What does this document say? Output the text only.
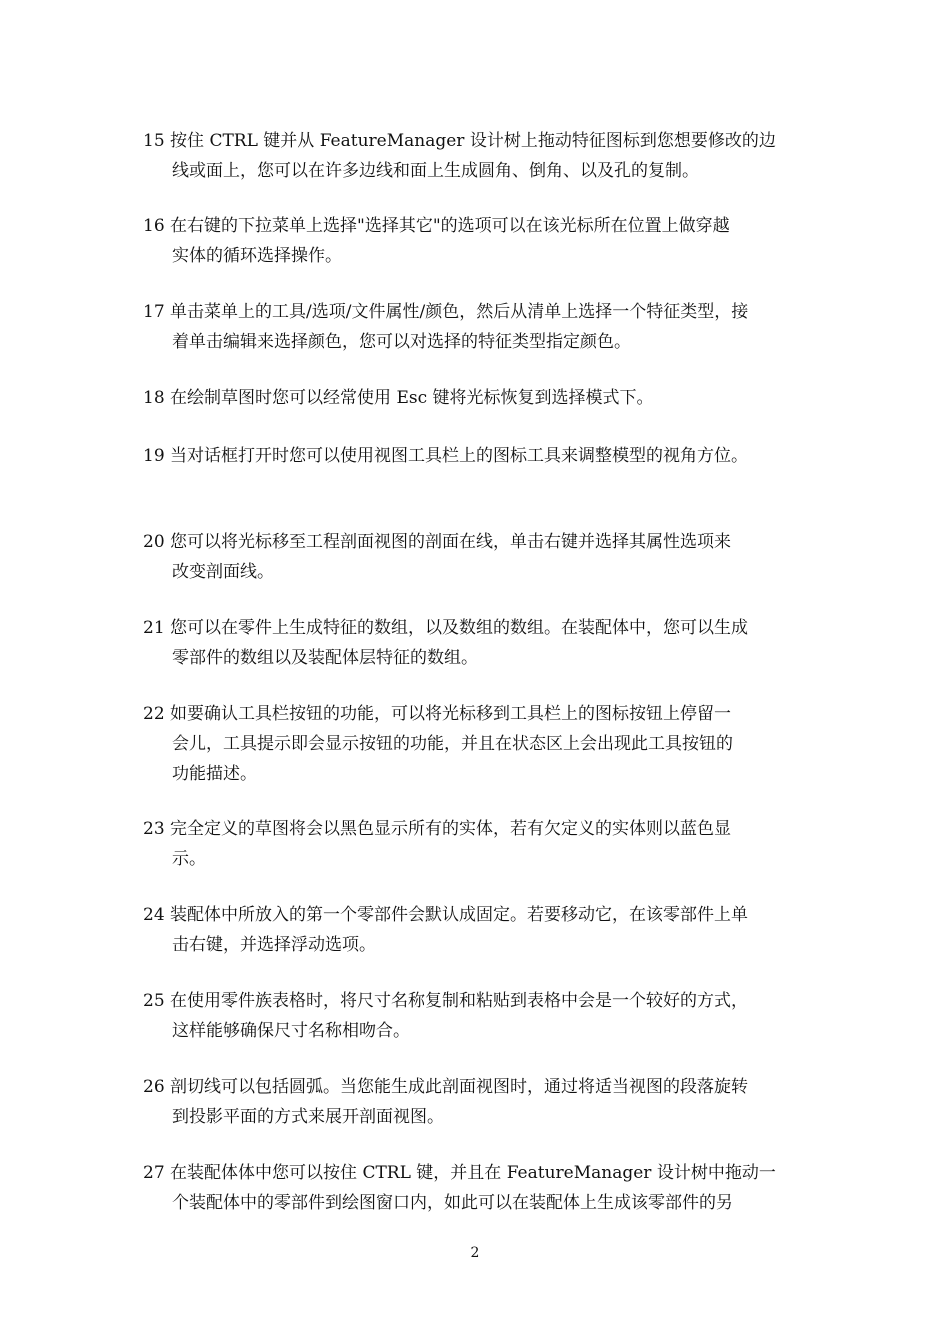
15 按住 CTRL 键并从 FeatureManager 设计树上拖动特征图标到您想要修改的边
线或面上，您可以在许多边线和面上生成圆角、倒角、以及孔的复制。
16 在右键的下拉菜单上选择"选择其它"的选项可以在该光标所在位置上做穿越
实体的循环选择操作。
17 单击菜单上的工具/选项/文件属性/颜色，然后从清单上选择一个特征类型，接
着单击编辑来选择颜色，您可以对选择的特征类型指定颜色。
18 在绘制草图时您可以经常使用 Esc 键将光标恢复到选择模式下。
19 当对话框打开时您可以使用视图工具栏上的图标工具来调整模型的视角方位。
20 您可以将光标移至工程剖面视图的剖面在线，单击右键并选择其属性选项来
改变剖面线。
21 您可以在零件上生成特征的数组，以及数组的数组。在装配体中，您可以生成
零部件的数组以及装配体层特征的数组。
22 如要确认工具栏按钮的功能，可以将光标移到工具栏上的图标按钮上停留一
会儿，工具提示即会显示按钮的功能，并且在状态区上会出现此工具按钮的
功能描述。
23 完全定义的草图将会以黑色显示所有的实体，若有欠定义的实体则以蓝色显
示。
24 装配体中所放入的第一个零部件会默认成固定。若要移动它，在该零部件上单
击右键，并选择浮动选项。
25 在使用零件族表格时，将尺寸名称复制和粘贴到表格中会是一个较好的方式，
这样能够确保尺寸名称相吻合。
26 剖切线可以包括圆弧。当您能生成此剖面视图时，通过将适当视图的段落旋转
到投影平面的方式来展开剖面视图。
27 在装配体体中您可以按住 CTRL 键，并且在 FeatureManager 设计树中拖动一
个装配体中的零部件到绘图窗口内，如此可以在装配体上生成该零部件的另
2
